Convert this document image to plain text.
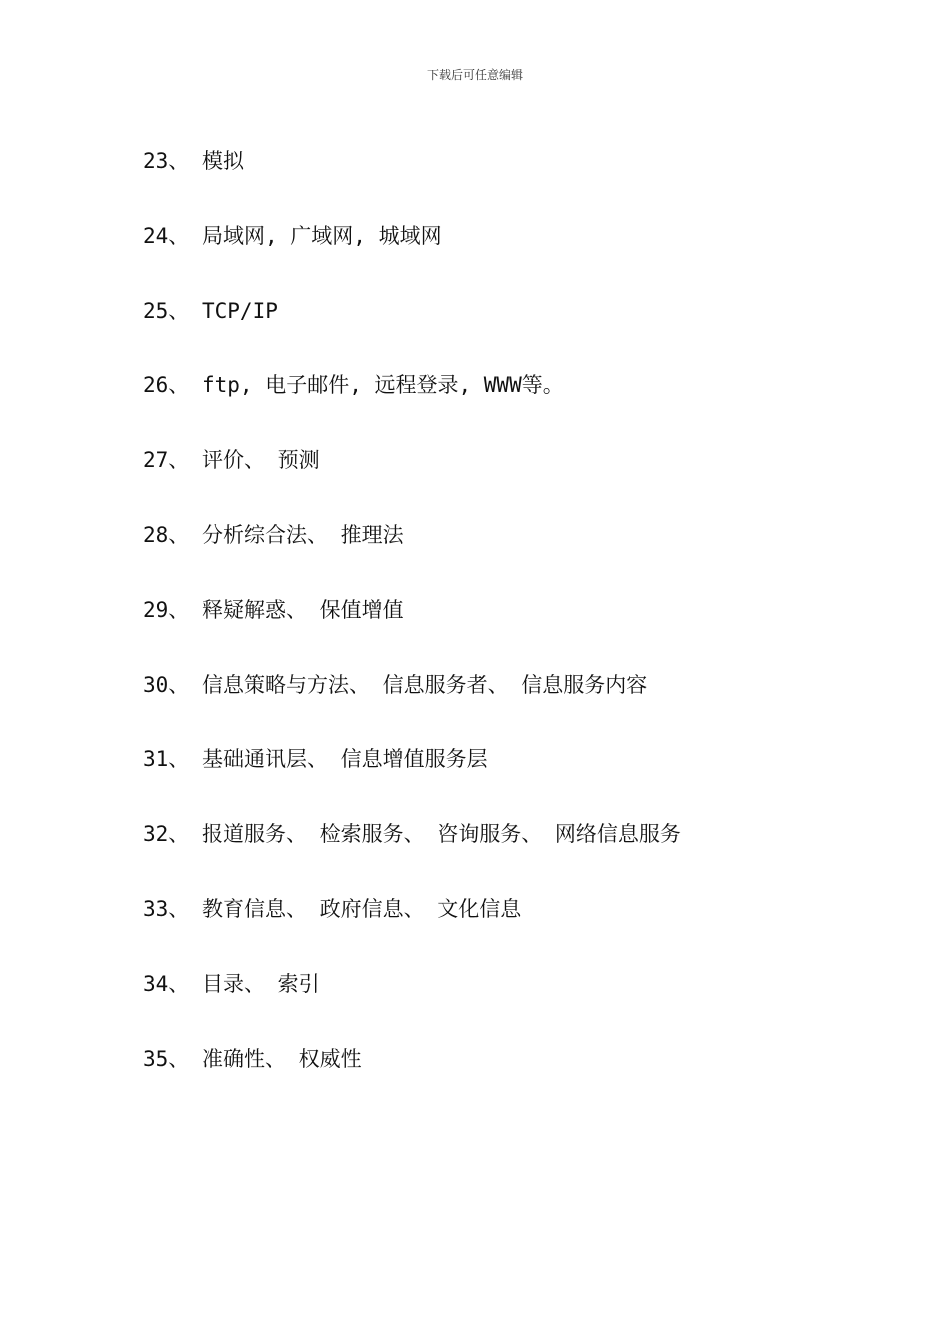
下载后可任意编辑
23、 模拟
24、 局域网, 广域网, 城域网
25、 TCP/IP
26、 ftp, 电子邮件, 远程登录, WWW等。
27、 评价、 预测
28、 分析综合法、 推理法
29、 释疑解惑、 保值增值
30、 信息策略与方法、 信息服务者、 信息服务内容
31、 基础通讯层、 信息增值服务层
32、 报道服务、 检索服务、 咨询服务、 网络信息服务
33、 教育信息、 政府信息、 文化信息
34、 目录、 索引
35、 准确性、 权威性
